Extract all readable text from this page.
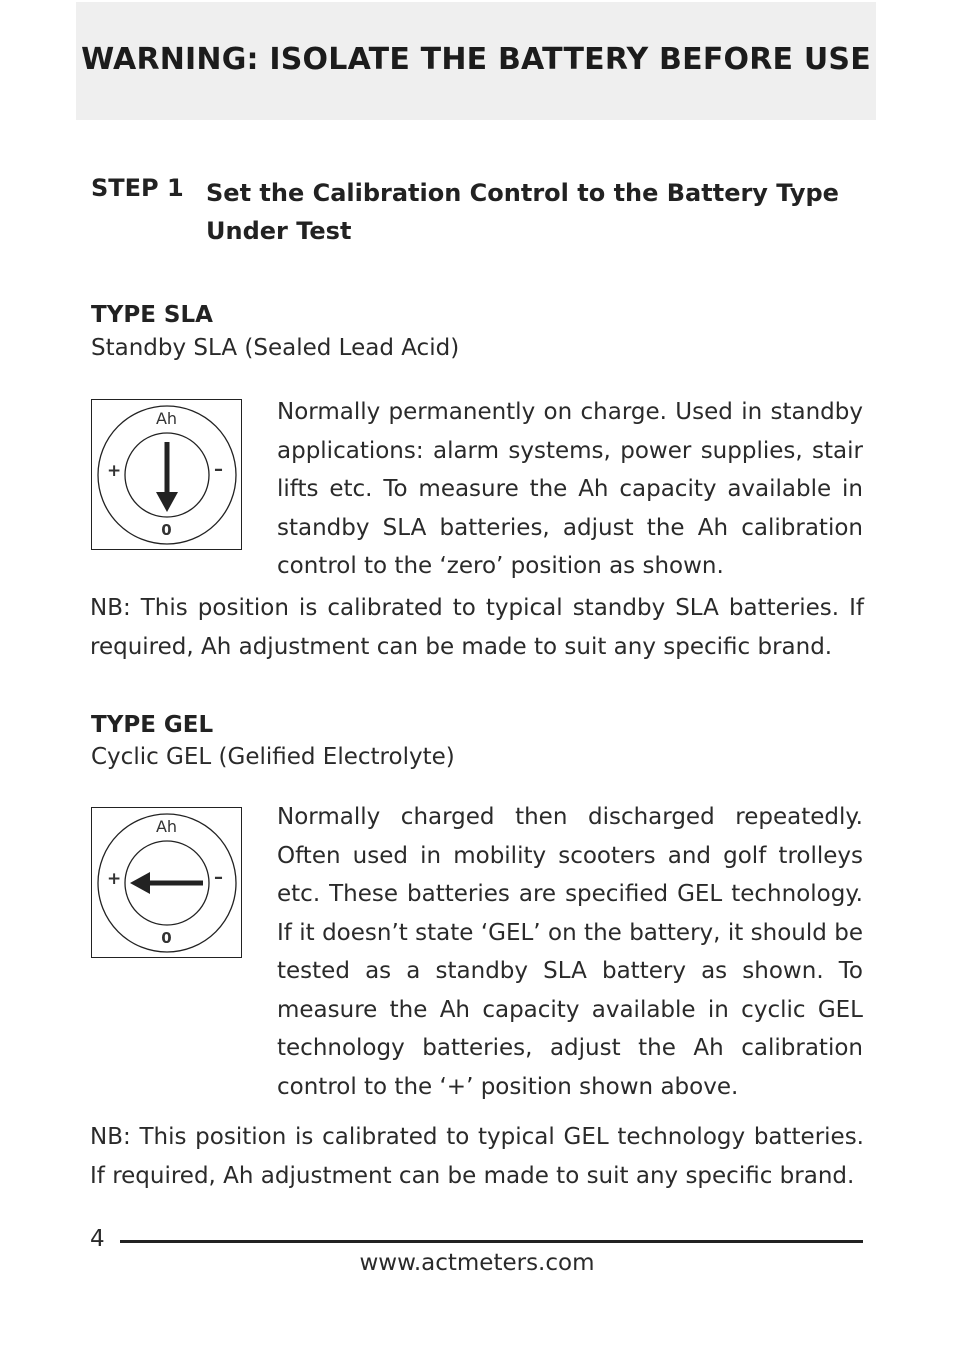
WARNING: ISOLATE THE BATTERY BEFORE USE
STEP 1 Set the Calibration Control to the Battery Type Under Test
TYPE SLA
Standby SLA (Sealed Lead Acid)
Ah
+	–
0
Normally permanently on charge. Used in standby applications: alarm systems, power supplies, stair lifts etc. To measure the Ah capacity available in standby SLA batteries, adjust the Ah calibration control to the ‘zero’ position as shown.
NB: This position is calibrated to typical standby SLA batteries. If required, Ah adjustment can be made to suit any specific brand.
TYPE GEL
Cyclic GEL (Gelified Electrolyte)
Ah
+	–
0
Normally charged then discharged repeatedly. Often used in mobility scooters and golf trolleys etc. These batteries are specified GEL technology. If it doesn’t state ‘GEL’ on the battery, it should be tested as a standby SLA battery as shown. To measure the Ah capacity available in cyclic GEL technology batteries, adjust the Ah calibration control to the ‘+’ position shown above.
NB: This position is calibrated to typical GEL technology batteries. If required, Ah adjustment can be made to suit any specific brand.
4
www.actmeters.com
